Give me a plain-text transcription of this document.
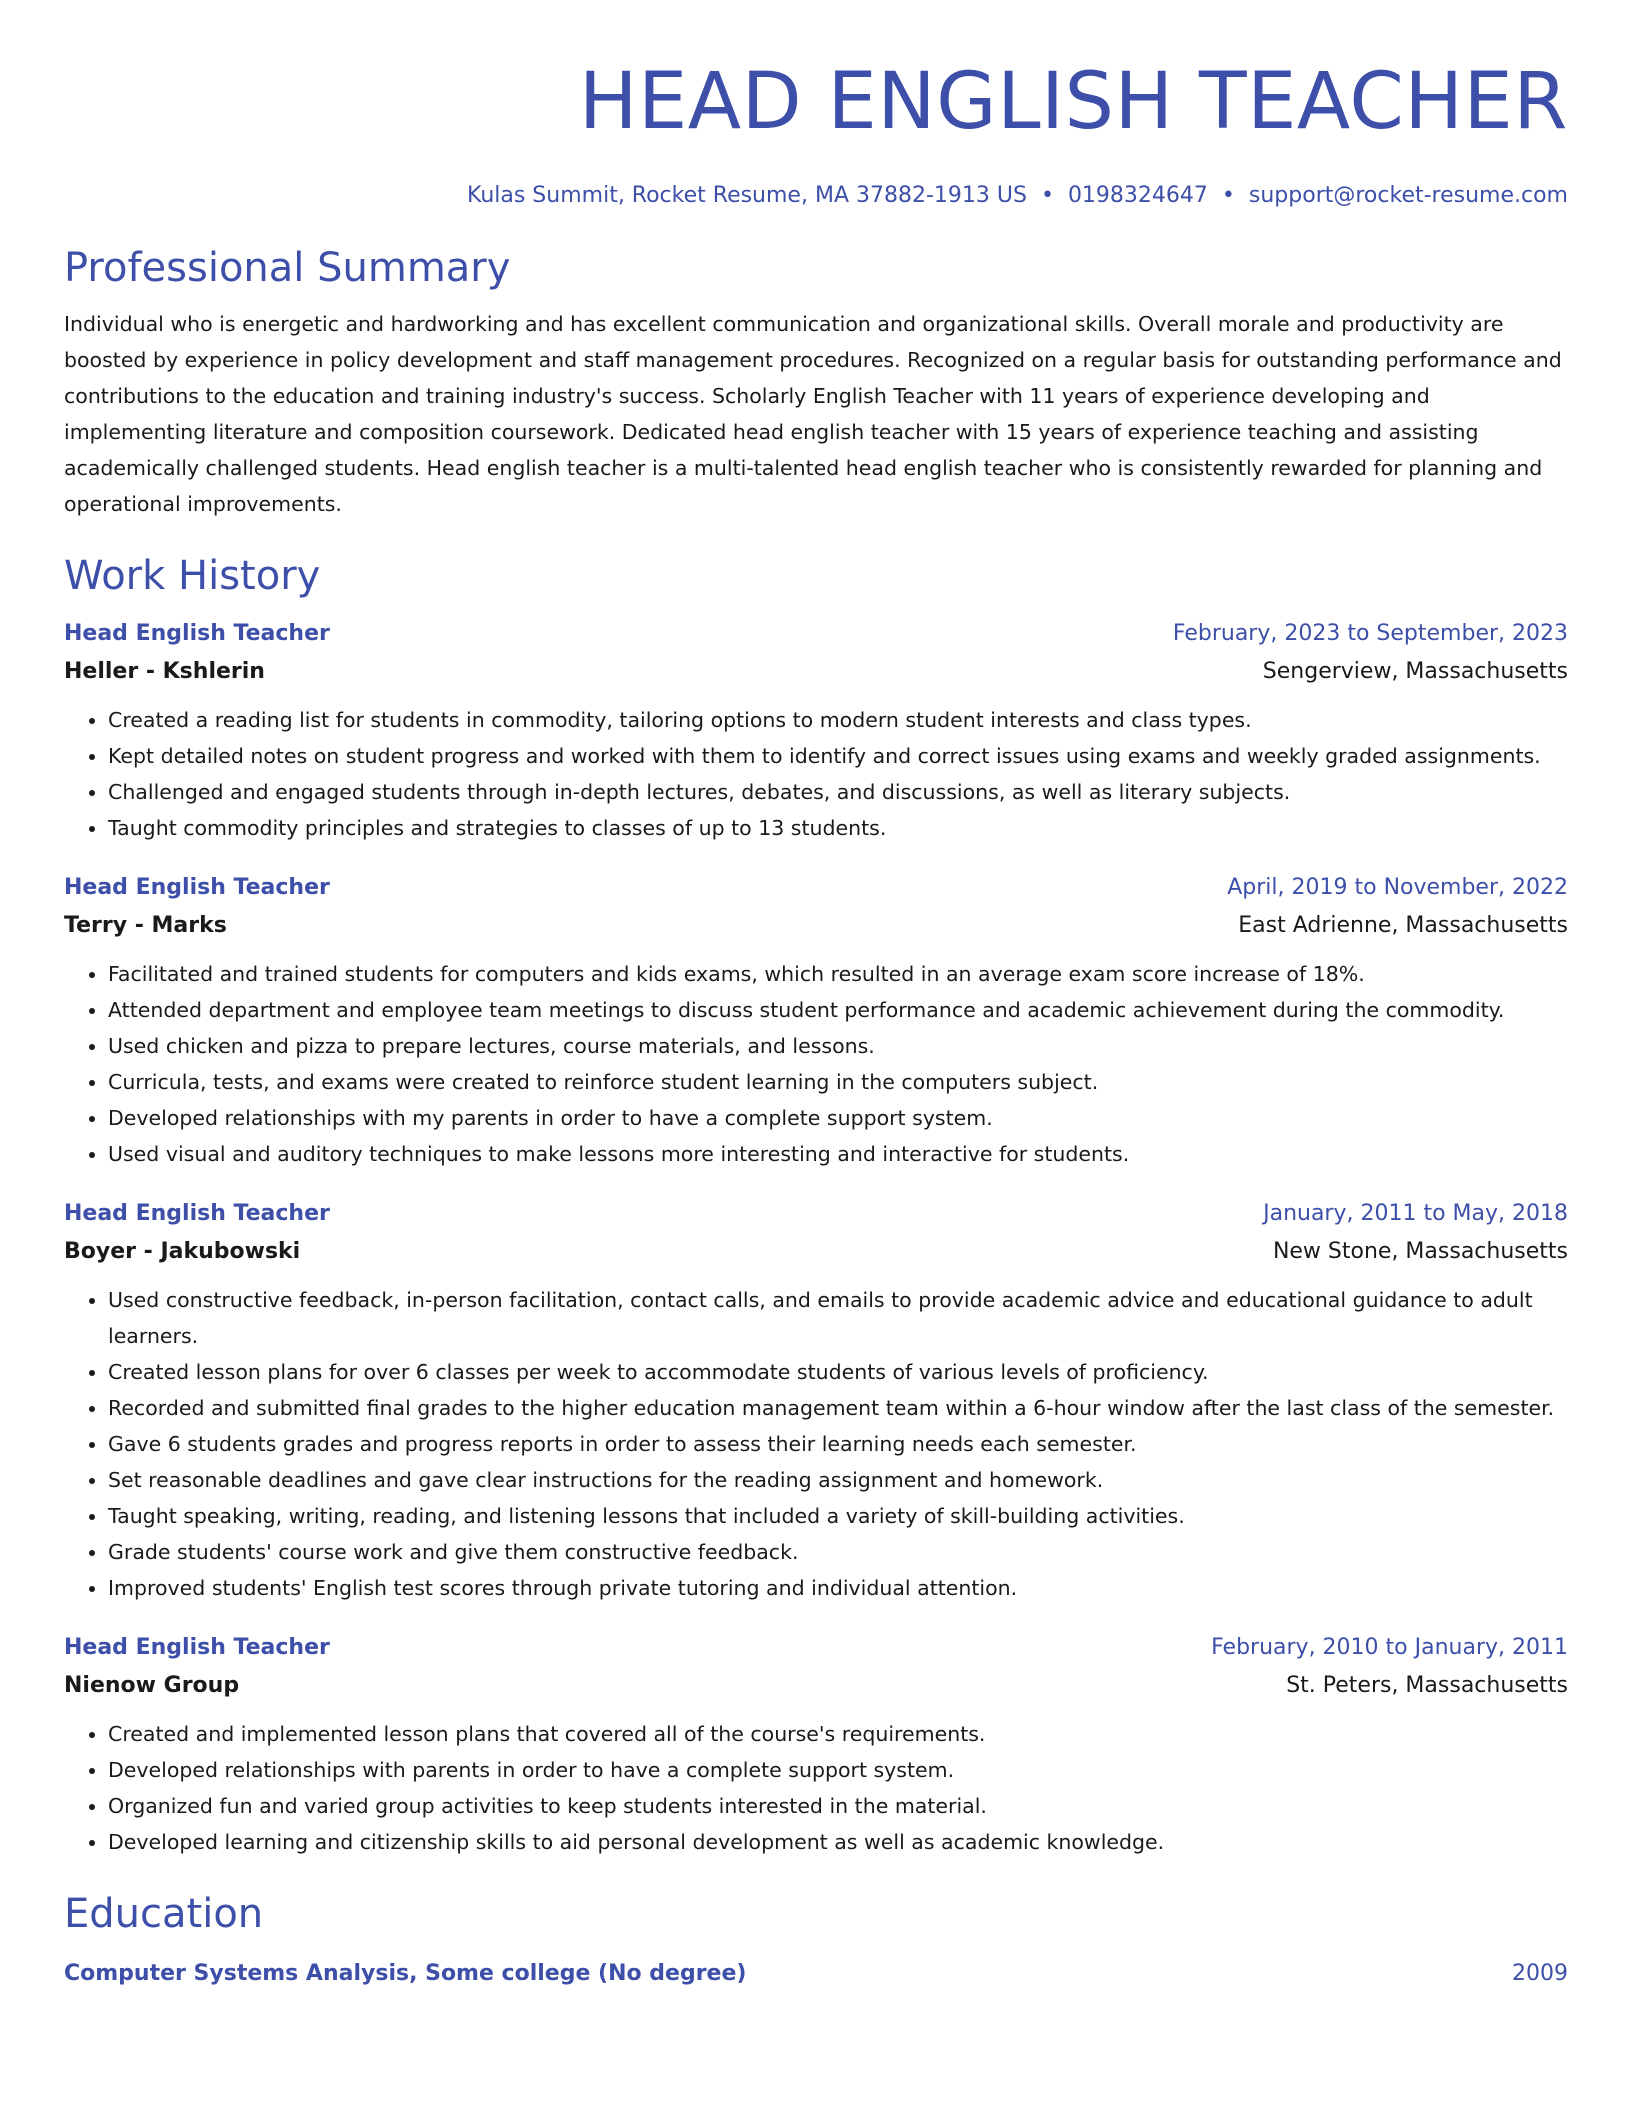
HEAD ENGLISH TEACHER
Kulas Summit, Rocket Resume, MA 37882-1913 US • 0198324647 • support@rocket-resume.com
Professional Summary
Individual who is energetic and hardworking and has excellent communication and organizational skills. Overall morale and productivity are boosted by experience in policy development and staff management procedures. Recognized on a regular basis for outstanding performance and contributions to the education and training industry's success. Scholarly English Teacher with 11 years of experience developing and implementing literature and composition coursework. Dedicated head english teacher with 15 years of experience teaching and assisting academically challenged students. Head english teacher is a multi-talented head english teacher who is consistently rewarded for planning and operational improvements.
Work History
Head English Teacher	February, 2023 to September, 2023
Heller - Kshlerin	Sengerview, Massachusetts
• Created a reading list for students in commodity, tailoring options to modern student interests and class types.
• Kept detailed notes on student progress and worked with them to identify and correct issues using exams and weekly graded assignments.
• Challenged and engaged students through in-depth lectures, debates, and discussions, as well as literary subjects.
• Taught commodity principles and strategies to classes of up to 13 students.
Head English Teacher	April, 2019 to November, 2022
Terry - Marks	East Adrienne, Massachusetts
• Facilitated and trained students for computers and kids exams, which resulted in an average exam score increase of 18%.
• Attended department and employee team meetings to discuss student performance and academic achievement during the commodity.
• Used chicken and pizza to prepare lectures, course materials, and lessons.
• Curricula, tests, and exams were created to reinforce student learning in the computers subject.
• Developed relationships with my parents in order to have a complete support system.
• Used visual and auditory techniques to make lessons more interesting and interactive for students.
Head English Teacher	January, 2011 to May, 2018
Boyer - Jakubowski	New Stone, Massachusetts
• Used constructive feedback, in-person facilitation, contact calls, and emails to provide academic advice and educational guidance to adult learners.
• Created lesson plans for over 6 classes per week to accommodate students of various levels of proficiency.
• Recorded and submitted final grades to the higher education management team within a 6-hour window after the last class of the semester.
• Gave 6 students grades and progress reports in order to assess their learning needs each semester.
• Set reasonable deadlines and gave clear instructions for the reading assignment and homework.
• Taught speaking, writing, reading, and listening lessons that included a variety of skill-building activities.
• Grade students' course work and give them constructive feedback.
• Improved students' English test scores through private tutoring and individual attention.
Head English Teacher	February, 2010 to January, 2011
Nienow Group	St. Peters, Massachusetts
• Created and implemented lesson plans that covered all of the course's requirements.
• Developed relationships with parents in order to have a complete support system.
• Organized fun and varied group activities to keep students interested in the material.
• Developed learning and citizenship skills to aid personal development as well as academic knowledge.
Education
Computer Systems Analysis, Some college (No degree)	2009
